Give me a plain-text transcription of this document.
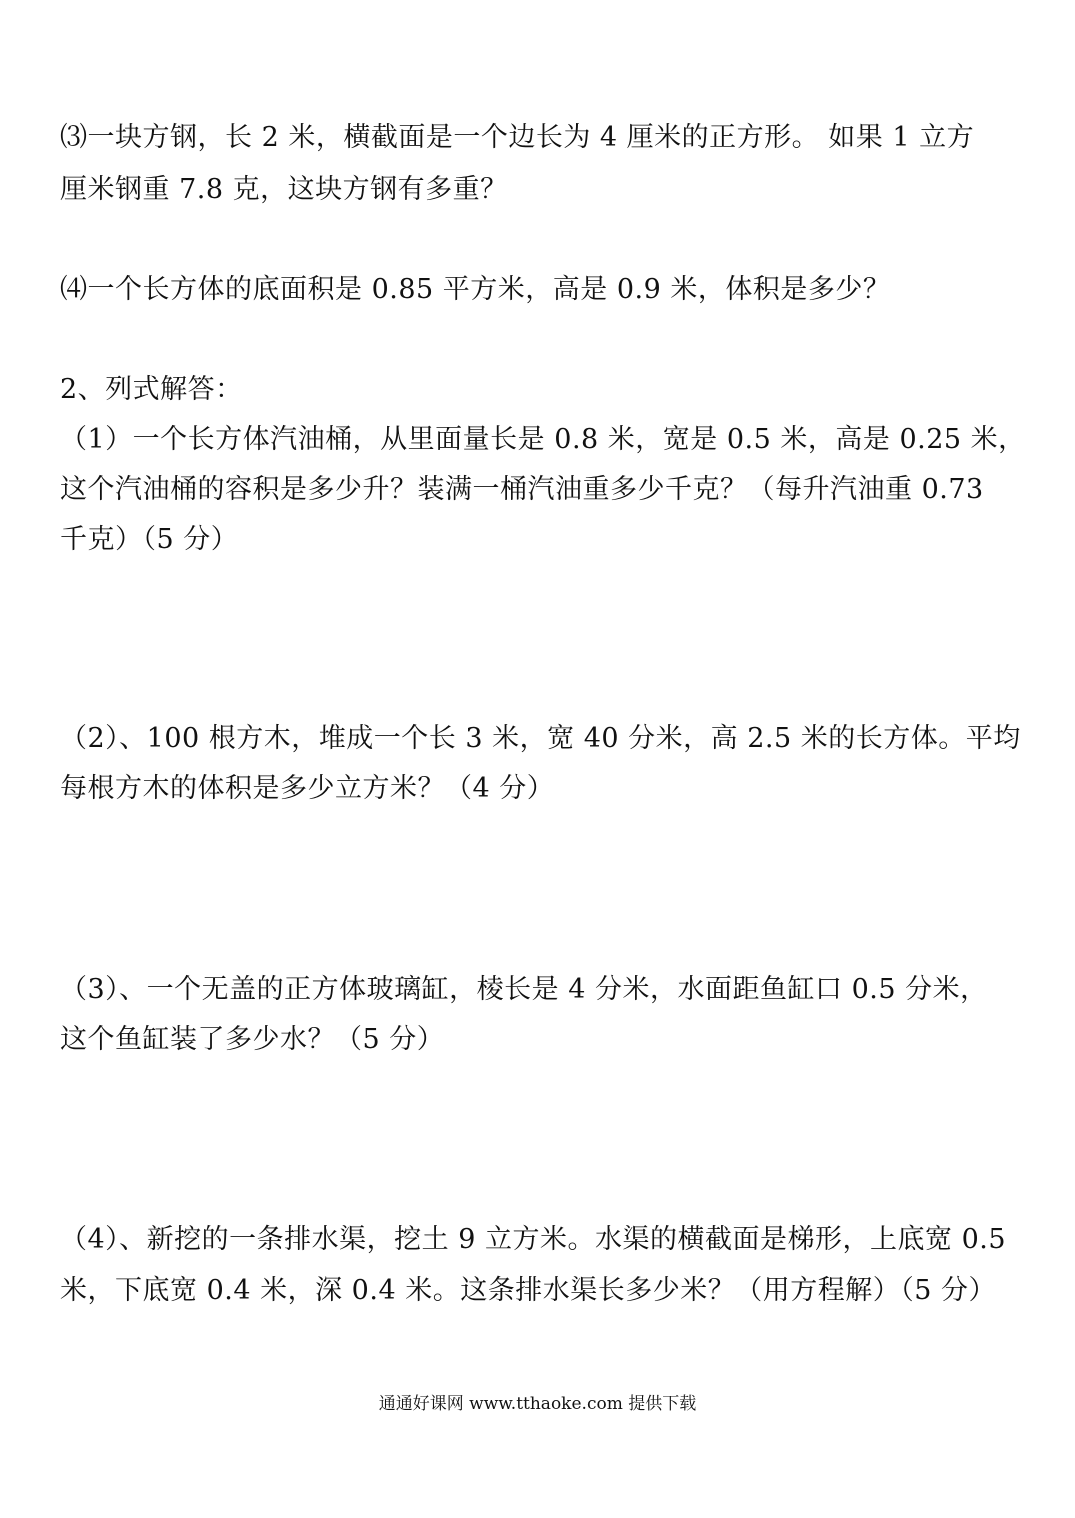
⑶一块方钢，长 2 米，横截面是一个边长为 4 厘米的正方形。 如果 1 立方
厘米钢重 7.8 克，这块方钢有多重？
⑷一个长方体的底面积是 0.85 平方米，高是 0.9 米，体积是多少？
2、列式解答：
（1）一个长方体汽油桶，从里面量长是 0.8 米，宽是 0.5 米，高是 0.25 米，
这个汽油桶的容积是多少升？装满一桶汽油重多少千克？（每升汽油重 0.73
千克）（5 分）
（2）、100 根方木，堆成一个长 3 米，宽 40 分米，高 2.5 米的长方体。平均
每根方木的体积是多少立方米？（4 分）
（3）、一个无盖的正方体玻璃缸，棱长是 4 分米，水面距鱼缸口 0.5 分米，
这个鱼缸装了多少水？（5 分）
（4）、新挖的一条排水渠，挖土 9 立方米。水渠的横截面是梯形，上底宽 0.5
米，下底宽 0.4 米，深 0.4 米。这条排水渠长多少米？（用方程解）（5 分）
通通好课网 www.tthaoke.com 提供下载
